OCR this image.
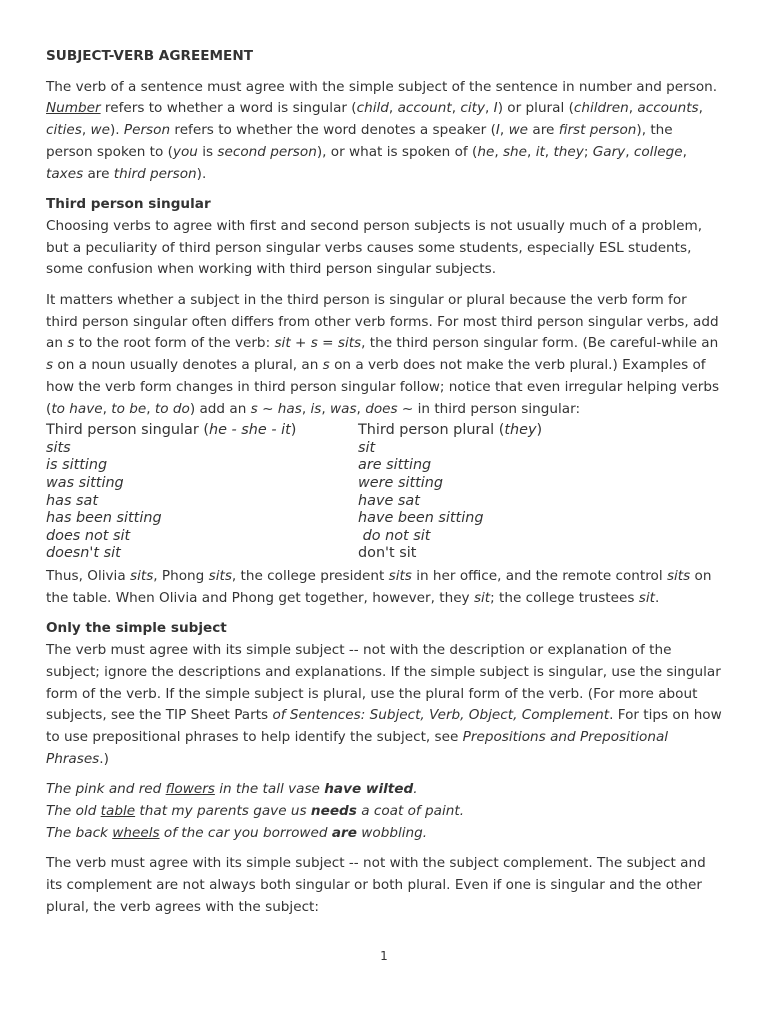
SUBJECT-VERB AGREEMENT

The verb of a sentence must agree with the simple subject of the sentence in number and person. Number refers to whether a word is singular (child, account, city, I) or plural (children, accounts, cities, we). Person refers to whether the word denotes a speaker (I, we are first person), the person spoken to (you is second person), or what is spoken of (he, she, it, they; Gary, college, taxes are third person).

Third person singular

Choosing verbs to agree with first and second person subjects is not usually much of a problem, but a peculiarity of third person singular verbs causes some students, especially ESL students, some confusion when working with third person singular subjects.

It matters whether a subject in the third person is singular or plural because the verb form for third person singular often differs from other verb forms. For most third person singular verbs, add an s to the root form of the verb: sit + s = sits, the third person singular form. (Be careful-while an s on a noun usually denotes a plural, an s on a verb does not make the verb plural.) Examples of how the verb form changes in third person singular follow; notice that even irregular helping verbs (to have, to be, to do) add an s ~ has, is, was, does ~ in third person singular:

Third person singular (he - she - it)	Third person plural (they)
sits	sit
is sitting	are sitting
was sitting	were sitting
has sat	have sat
has been sitting	have been sitting
does not sit	do not sit
doesn't sit	don't sit

Thus, Olivia sits, Phong sits, the college president sits in her office, and the remote control sits on the table. When Olivia and Phong get together, however, they sit; the college trustees sit.

Only the simple subject

The verb must agree with its simple subject -- not with the description or explanation of the subject; ignore the descriptions and explanations. If the simple subject is singular, use the singular form of the verb. If the simple subject is plural, use the plural form of the verb. (For more about subjects, see the TIP Sheet Parts of Sentences: Subject, Verb, Object, Complement. For tips on how to use prepositional phrases to help identify the subject, see Prepositions and Prepositional Phrases.)

The pink and red flowers in the tall vase have wilted.

The old table that my parents gave us needs a coat of paint.

The back wheels of the car you borrowed are wobbling.

The verb must agree with its simple subject -- not with the subject complement. The subject and its complement are not always both singular or both plural. Even if one is singular and the other plural, the verb agrees with the subject:

1
